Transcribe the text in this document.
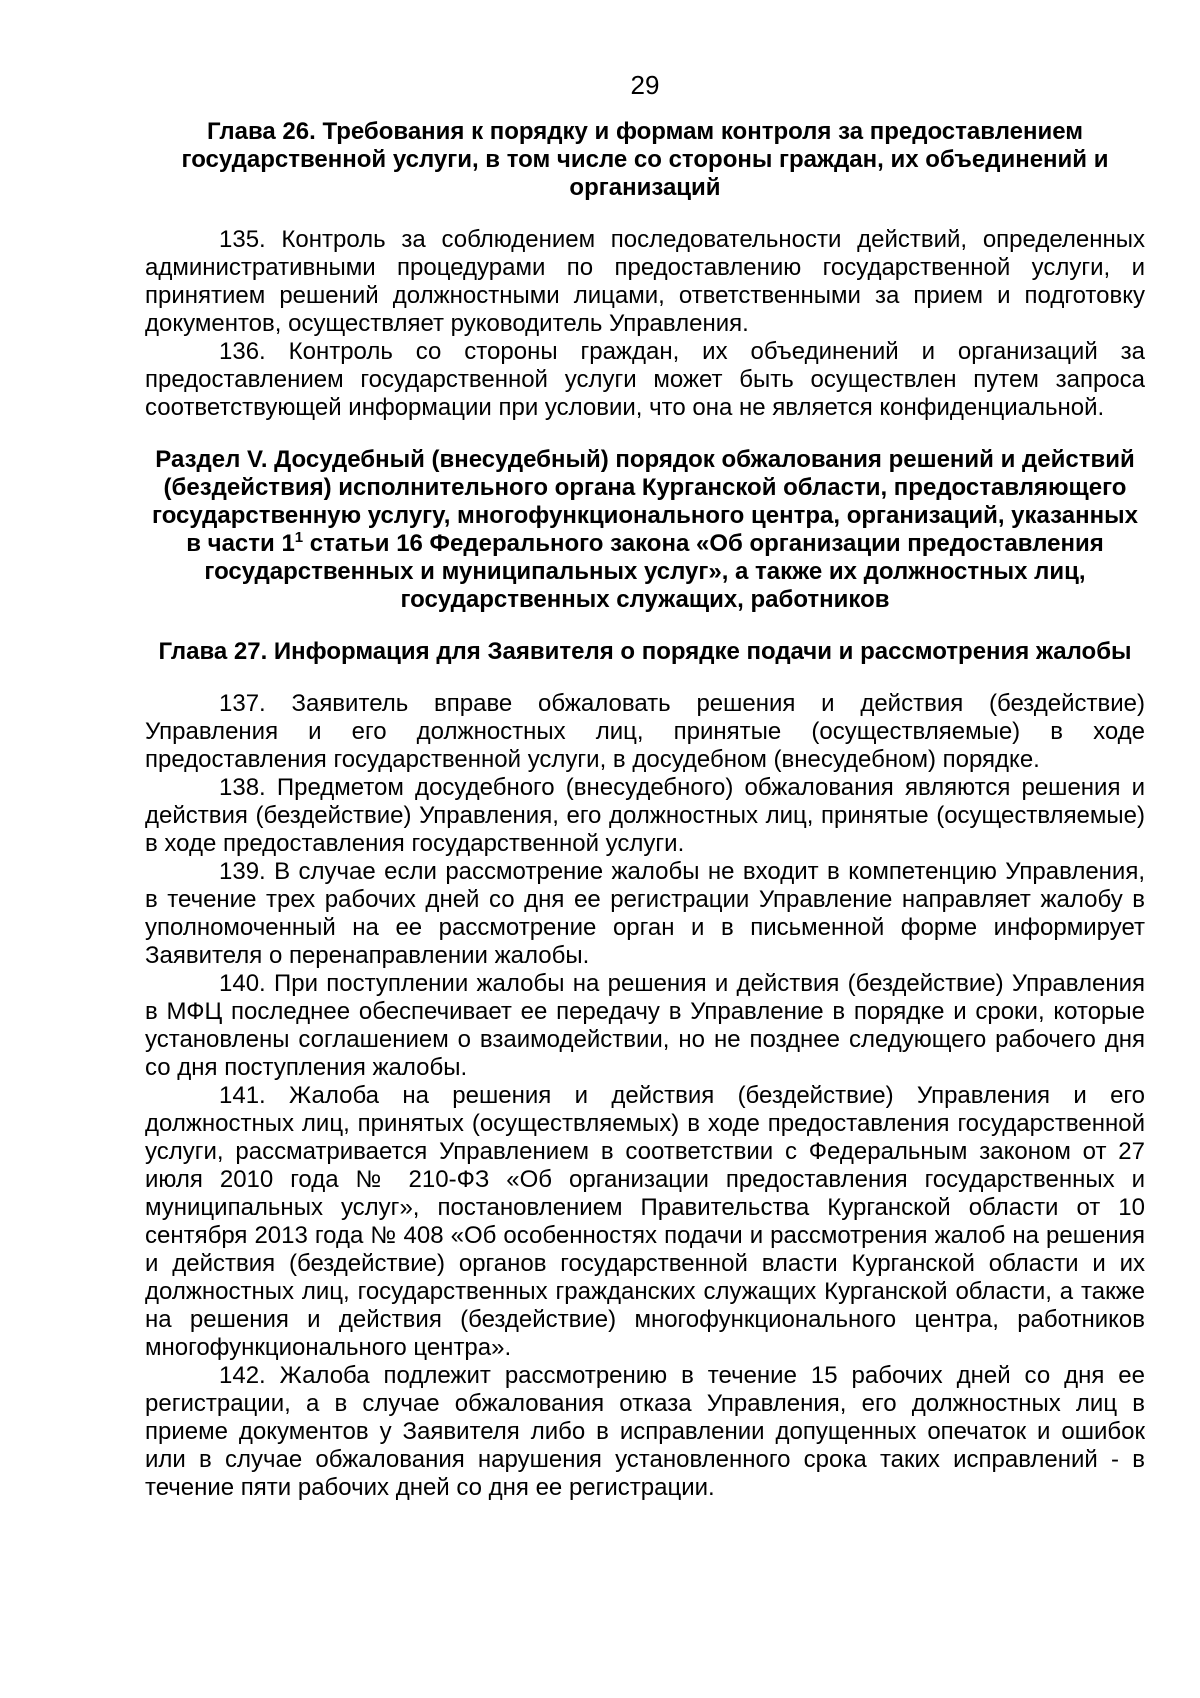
29
Глава 26. Требования к порядку и формам контроля за предоставлением
государственной услуги, в том числе со стороны граждан, их объединений и
организаций

135. Контроль за соблюдением последовательности действий, определенных административными процедурами по предоставлению государственной услуги, и принятием решений должностными лицами, ответственными за прием и подготовку документов, осуществляет руководитель Управления.

136. Контроль со стороны граждан, их объединений и организаций за предоставлением государственной услуги может быть осуществлен путем запроса соответствующей информации при условии, что она не является конфиденциальной.

Раздел V. Досудебный (внесудебный) порядок обжалования решений и действий
(бездействия) исполнительного органа Курганской области, предоставляющего
государственную услугу, многофункционального центра, организаций, указанных
в части $1^1$ статьи 16 Федерального закона «Об организации предоставления
государственных и муниципальных услуг», а также их должностных лиц,
государственных служащих, работников
Глава 27. Информация для Заявителя о порядке подачи и рассмотрения жалобы

137. Заявитель вправе обжаловать решения и действия (бездействие) Управления и его должностных лиц, принятые (осуществляемые) в ходе предоставления государственной услуги, в досудебном (внесудебном) порядке.

138. Предметом досудебного (внесудебного) обжалования являются решения и действия (бездействие) Управления, его должностных лиц, принятые (осуществляемые) в ходе предоставления государственной услуги.

139. В случае если рассмотрение жалобы не входит в компетенцию Управления, в течение трех рабочих дней со дня ее регистрации Управление направляет жалобу в уполномоченный на ее рассмотрение орган и в письменной форме информирует Заявителя о перенаправлении жалобы.

140. При поступлении жалобы на решения и действия (бездействие) Управления в МФЦ последнее обеспечивает ее передачу в Управление в порядке и сроки, которые установлены соглашением о взаимодействии, но не позднее следующего рабочего дня со дня поступления жалобы.

141. Жалоба на решения и действия (бездействие) Управления и его должностных лиц, принятых (осуществляемых) в ходе предоставления государственной услуги, рассматривается Управлением в соответствии с Федеральным законом от 27 июля 2010 года № 210-ФЗ «Об организации предоставления государственных и муниципальных услуг», постановлением Правительства Курганской области от 10 сентября 2013 года № 408 «Об особенностях подачи и рассмотрения жалоб на решения и действия (бездействие) органов государственной власти Курганской области и их должностных лиц, государственных гражданских служащих Курганской области, а также на решения и действия (бездействие) многофункционального центра, работников многофункционального центра».

142. Жалоба подлежит рассмотрению в течение 15 рабочих дней со дня ее регистрации, а в случае обжалования отказа Управления, его должностных лиц в приеме документов у Заявителя либо в исправлении допущенных опечаток и ошибок или в случае обжалования нарушения установленного срока таких исправлений - в течение пяти рабочих дней со дня ее регистрации.
